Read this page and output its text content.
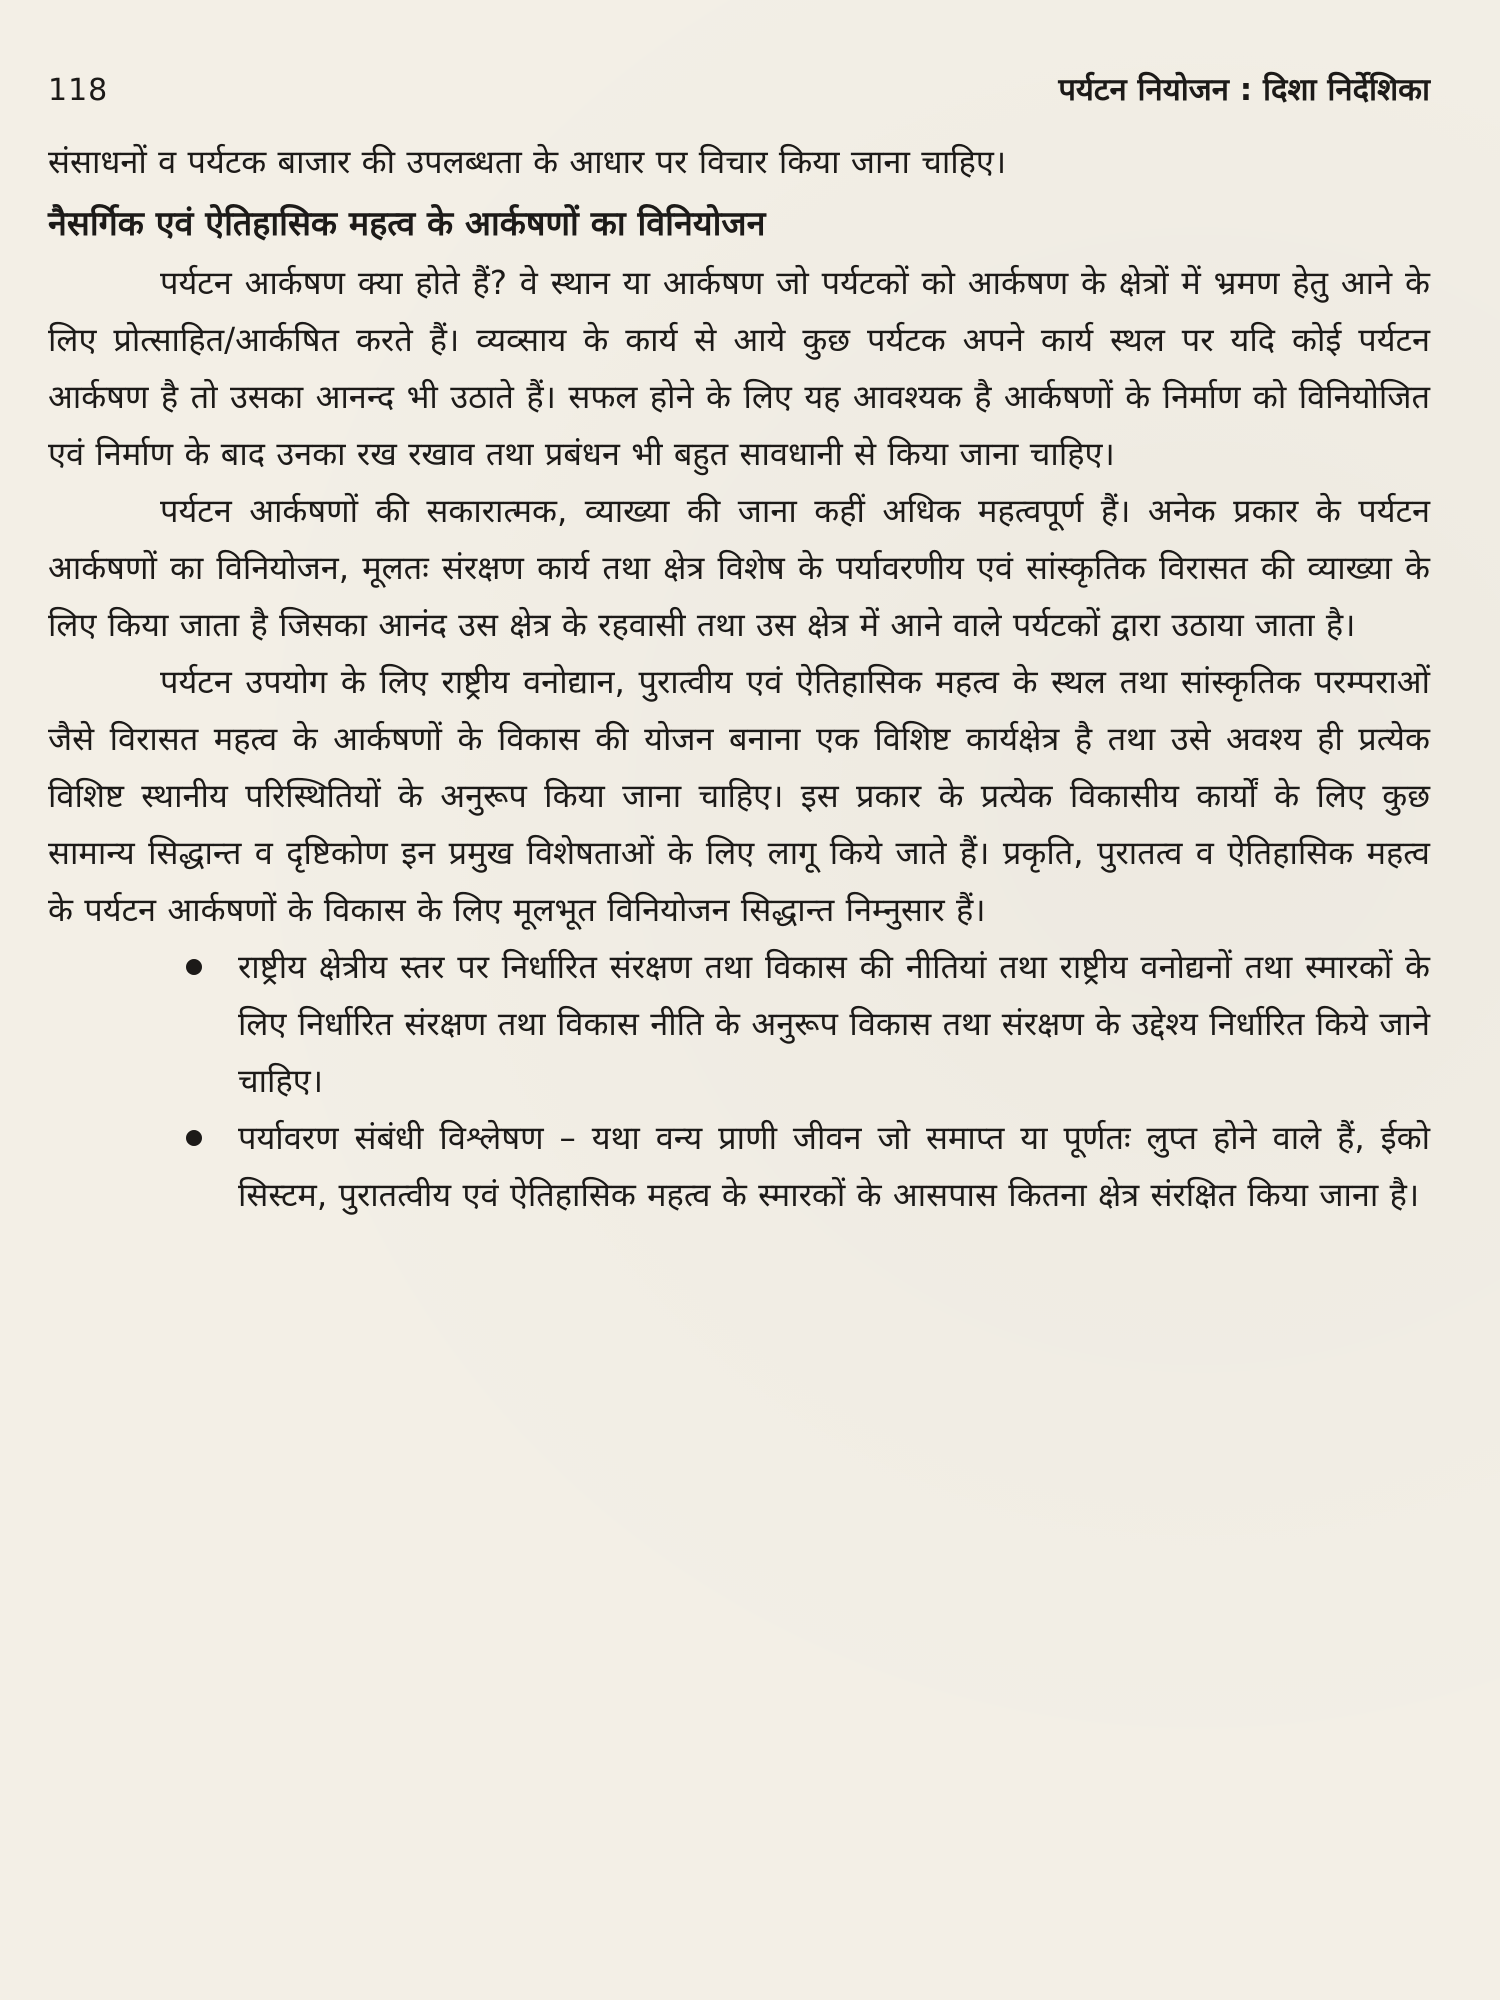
118	पर्यटन नियोजन : दिशा निर्देशिका

संसाधनों व पर्यटक बाजार की उपलब्धता के आधार पर विचार किया जाना चाहिए।

नैसर्गिक एवं ऐतिहासिक महत्व के आर्कषणों का विनियोजन

पर्यटन आर्कषण क्या होते हैं? वे स्थान या आर्कषण जो पर्यटकों को आर्कषण के क्षेत्रों में भ्रमण हेतु आने के लिए प्रोत्साहित/आर्कषित करते हैं। व्यव्साय के कार्य से आये कुछ पर्यटक अपने कार्य स्थल पर यदि कोई पर्यटन आर्कषण है तो उसका आनन्द भी उठाते हैं। सफल होने के लिए यह आवश्यक है आर्कषणों के निर्माण को विनियोजित एवं निर्माण के बाद उनका रख रखाव तथा प्रबंधन भी बहुत सावधानी से किया जाना चाहिए।

पर्यटन आर्कषणों की सकारात्मक, व्याख्या की जाना कहीं अधिक महत्वपूर्ण हैं। अनेक प्रकार के पर्यटन आर्कषणों का विनियोजन, मूलतः संरक्षण कार्य तथा क्षेत्र विशेष के पर्यावरणीय एवं सांस्कृतिक विरासत की व्याख्या के लिए किया जाता है जिसका आनंद उस क्षेत्र के रहवासी तथा उस क्षेत्र में आने वाले पर्यटकों द्वारा उठाया जाता है।

पर्यटन उपयोग के लिए राष्ट्रीय वनोद्यान, पुरात्वीय एवं ऐतिहासिक महत्व के स्थल तथा सांस्कृतिक परम्पराओं जैसे विरासत महत्व के आर्कषणों के विकास की योजन बनाना एक विशिष्ट कार्यक्षेत्र है तथा उसे अवश्य ही प्रत्येक विशिष्ट स्थानीय परिस्थितियों के अनुरूप किया जाना चाहिए। इस प्रकार के प्रत्येक विकासीय कार्यों के लिए कुछ सामान्य सिद्धान्त व दृष्टिकोण इन प्रमुख विशेषताओं के लिए लागू किये जाते हैं। प्रकृति, पुरातत्व व ऐतिहासिक महत्व के पर्यटन आर्कषणों के विकास के लिए मूलभूत विनियोजन सिद्धान्त निम्नुसार हैं।

राष्ट्रीय क्षेत्रीय स्तर पर निर्धारित संरक्षण तथा विकास की नीतियां तथा राष्ट्रीय वनोद्यनों तथा स्मारकों के लिए निर्धारित संरक्षण तथा विकास नीति के अनुरूप विकास तथा संरक्षण के उद्देश्य निर्धारित किये जाने चाहिए।
पर्यावरण संबंधी विश्लेषण – यथा वन्य प्राणी जीवन जो समाप्त या पूर्णतः लुप्त होने वाले हैं, ईको सिस्टम, पुरातत्वीय एवं ऐतिहासिक महत्व के स्मारकों के आसपास कितना क्षेत्र संरक्षित किया जाना है।
